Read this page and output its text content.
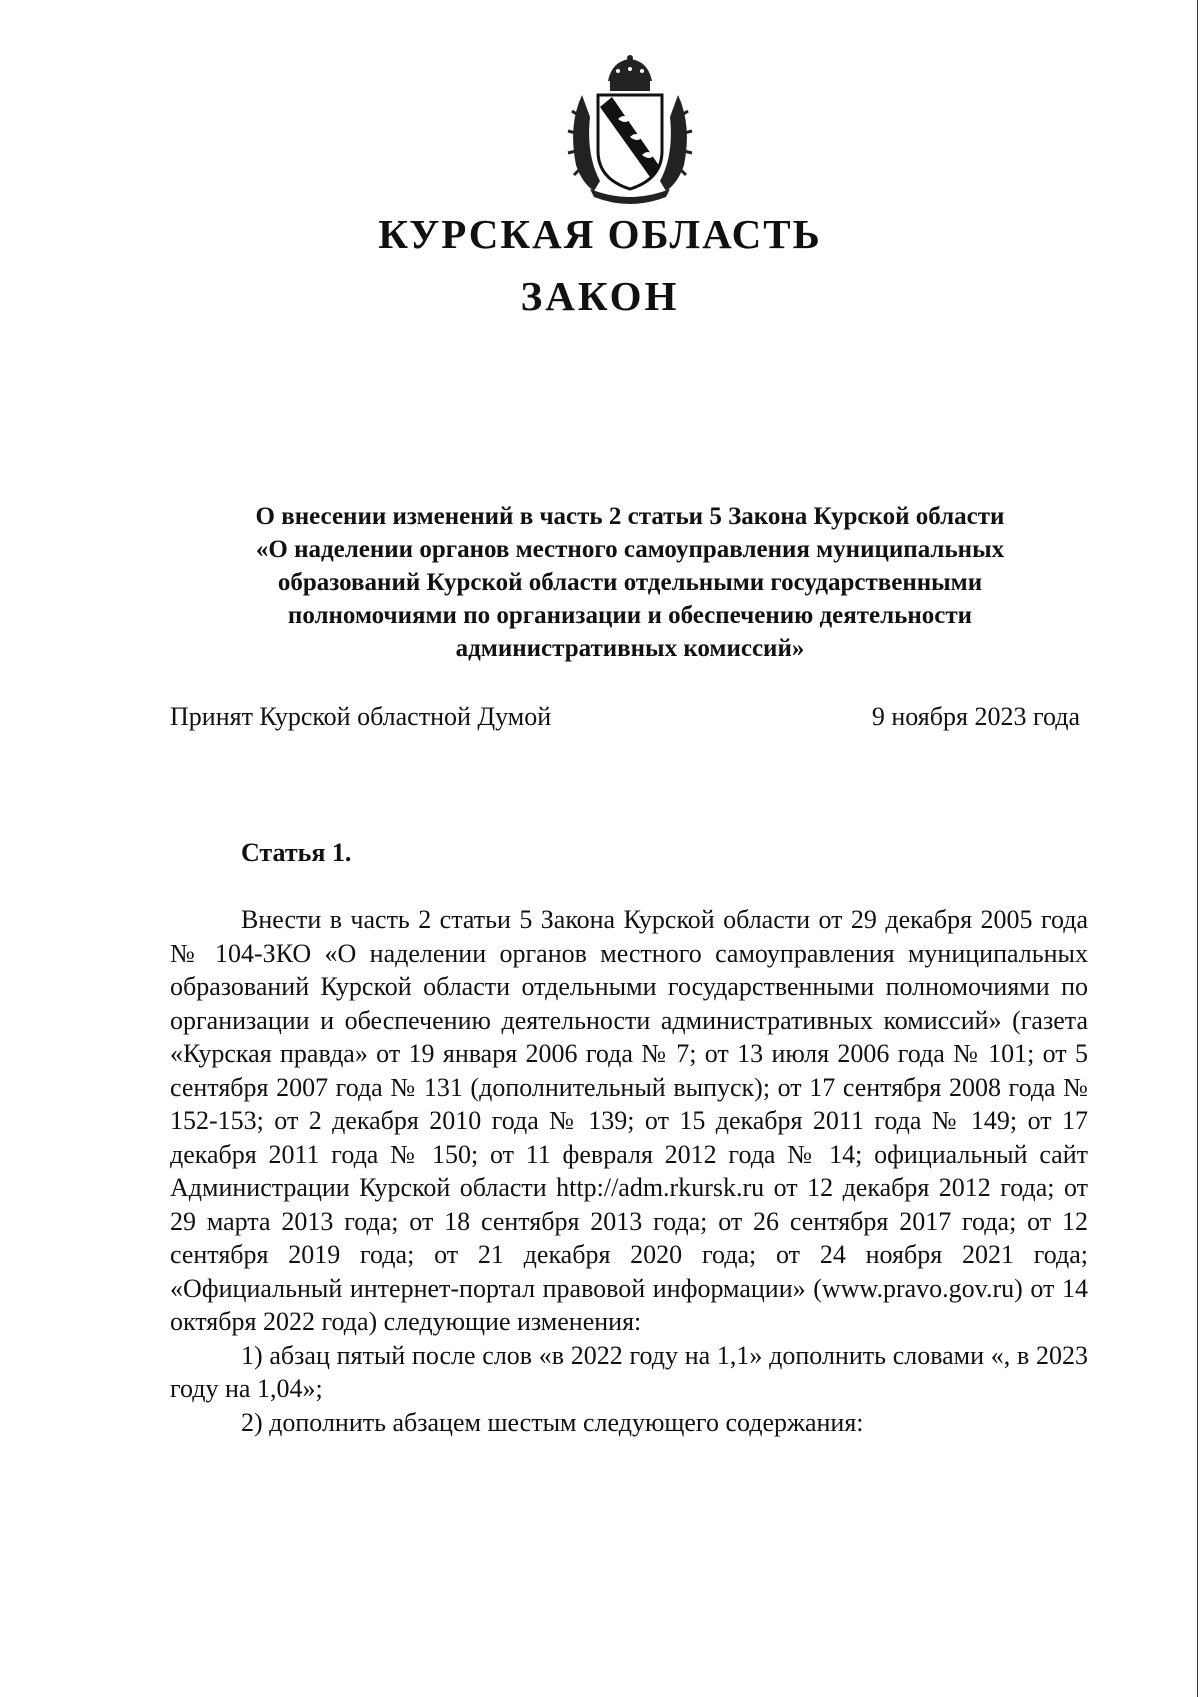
КУРСКАЯ ОБЛАСТЬ
ЗАКОН
О внесении изменений в часть 2 статьи 5 Закона Курской области
«О наделении органов местного самоуправления муниципальных
образований Курской области отдельными государственными
полномочиями по организации и обеспечению деятельности
административных комиссий»
Принят Курской областной Думой	9 ноября 2023 года
Статья 1.

Внести в часть 2 статьи 5 Закона Курской области от 29 декабря 2005 года № 104-ЗКО «О наделении органов местного самоуправления муниципальных образований Курской области отдельными государственными полномочиями по организации и обеспечению деятельности административных комиссий» (газета «Курская правда» от 19 января 2006 года № 7; от 13 июля 2006 года № 101; от 5 сентября 2007 года № 131 (дополнительный выпуск); от 17 сентября 2008 года № 152-153; от 2 декабря 2010 года № 139; от 15 декабря 2011 года № 149; от 17 декабря 2011 года № 150; от 11 февраля 2012 года № 14; официальный сайт Администрации Курской области http://adm.rkursk.ru от 12 декабря 2012 года; от 29 марта 2013 года; от 18 сентября 2013 года; от 26 сентября 2017 года; от 12 сентября 2019 года; от 21 декабря 2020 года; от 24 ноября 2021 года; «Официальный интернет-портал правовой информации» (www.pravo.gov.ru) от 14 октября 2022 года) следующие изменения:

1) абзац пятый после слов «в 2022 году на 1,1» дополнить словами «, в 2023 году на 1,04»;

2) дополнить абзацем шестым следующего содержания:
